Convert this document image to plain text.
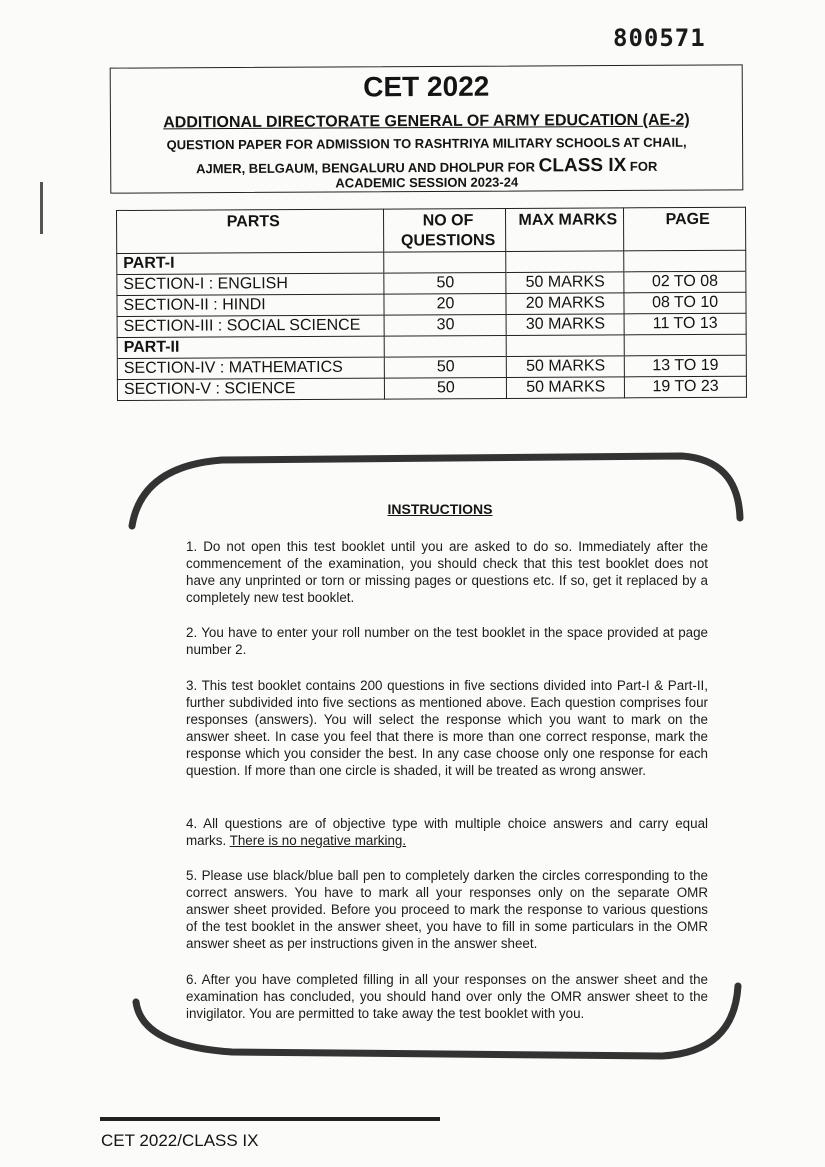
800571
CET 2022
ADDITIONAL DIRECTORATE GENERAL OF ARMY EDUCATION (AE-2)
QUESTION PAPER FOR ADMISSION TO RASHTRIYA MILITARY SCHOOLS AT CHAIL,
AJMER, BELGAUM, BENGALURU AND DHOLPUR FOR CLASS IX FOR
ACADEMIC SESSION 2023-24
PARTS	NO OF QUESTIONS	MAX MARKS	PAGE
PART-I			
SECTION-I : ENGLISH	50	50 MARKS	02 TO 08
SECTION-II : HINDI	20	20 MARKS	08 TO 10
SECTION-III : SOCIAL SCIENCE	30	30 MARKS	11 TO 13
PART-II			
SECTION-IV : MATHEMATICS	50	50 MARKS	13 TO 19
SECTION-V : SCIENCE	50	50 MARKS	19 TO 23
INSTRUCTIONS
1. Do not open this test booklet until you are asked to do so. Immediately after the commencement of the examination, you should check that this test booklet does not have any unprinted or torn or missing pages or questions etc. If so, get it replaced by a completely new test booklet.
2. You have to enter your roll number on the test booklet in the space provided at page number 2.
3. This test booklet contains 200 questions in five sections divided into Part-I & Part-II, further subdivided into five sections as mentioned above. Each question comprises four responses (answers). You will select the response which you want to mark on the answer sheet. In case you feel that there is more than one correct response, mark the response which you consider the best. In any case choose only one response for each question. If more than one circle is shaded, it will be treated as wrong answer.
4. All questions are of objective type with multiple choice answers and carry equal marks. There is no negative marking.
5. Please use black/blue ball pen to completely darken the circles corresponding to the correct answers. You have to mark all your responses only on the separate OMR answer sheet provided. Before you proceed to mark the response to various questions of the test booklet in the answer sheet, you have to fill in some particulars in the OMR answer sheet as per instructions given in the answer sheet.
6. After you have completed filling in all your responses on the answer sheet and the examination has concluded, you should hand over only the OMR answer sheet to the invigilator. You are permitted to take away the test booklet with you.
CET 2022/CLASS IX
